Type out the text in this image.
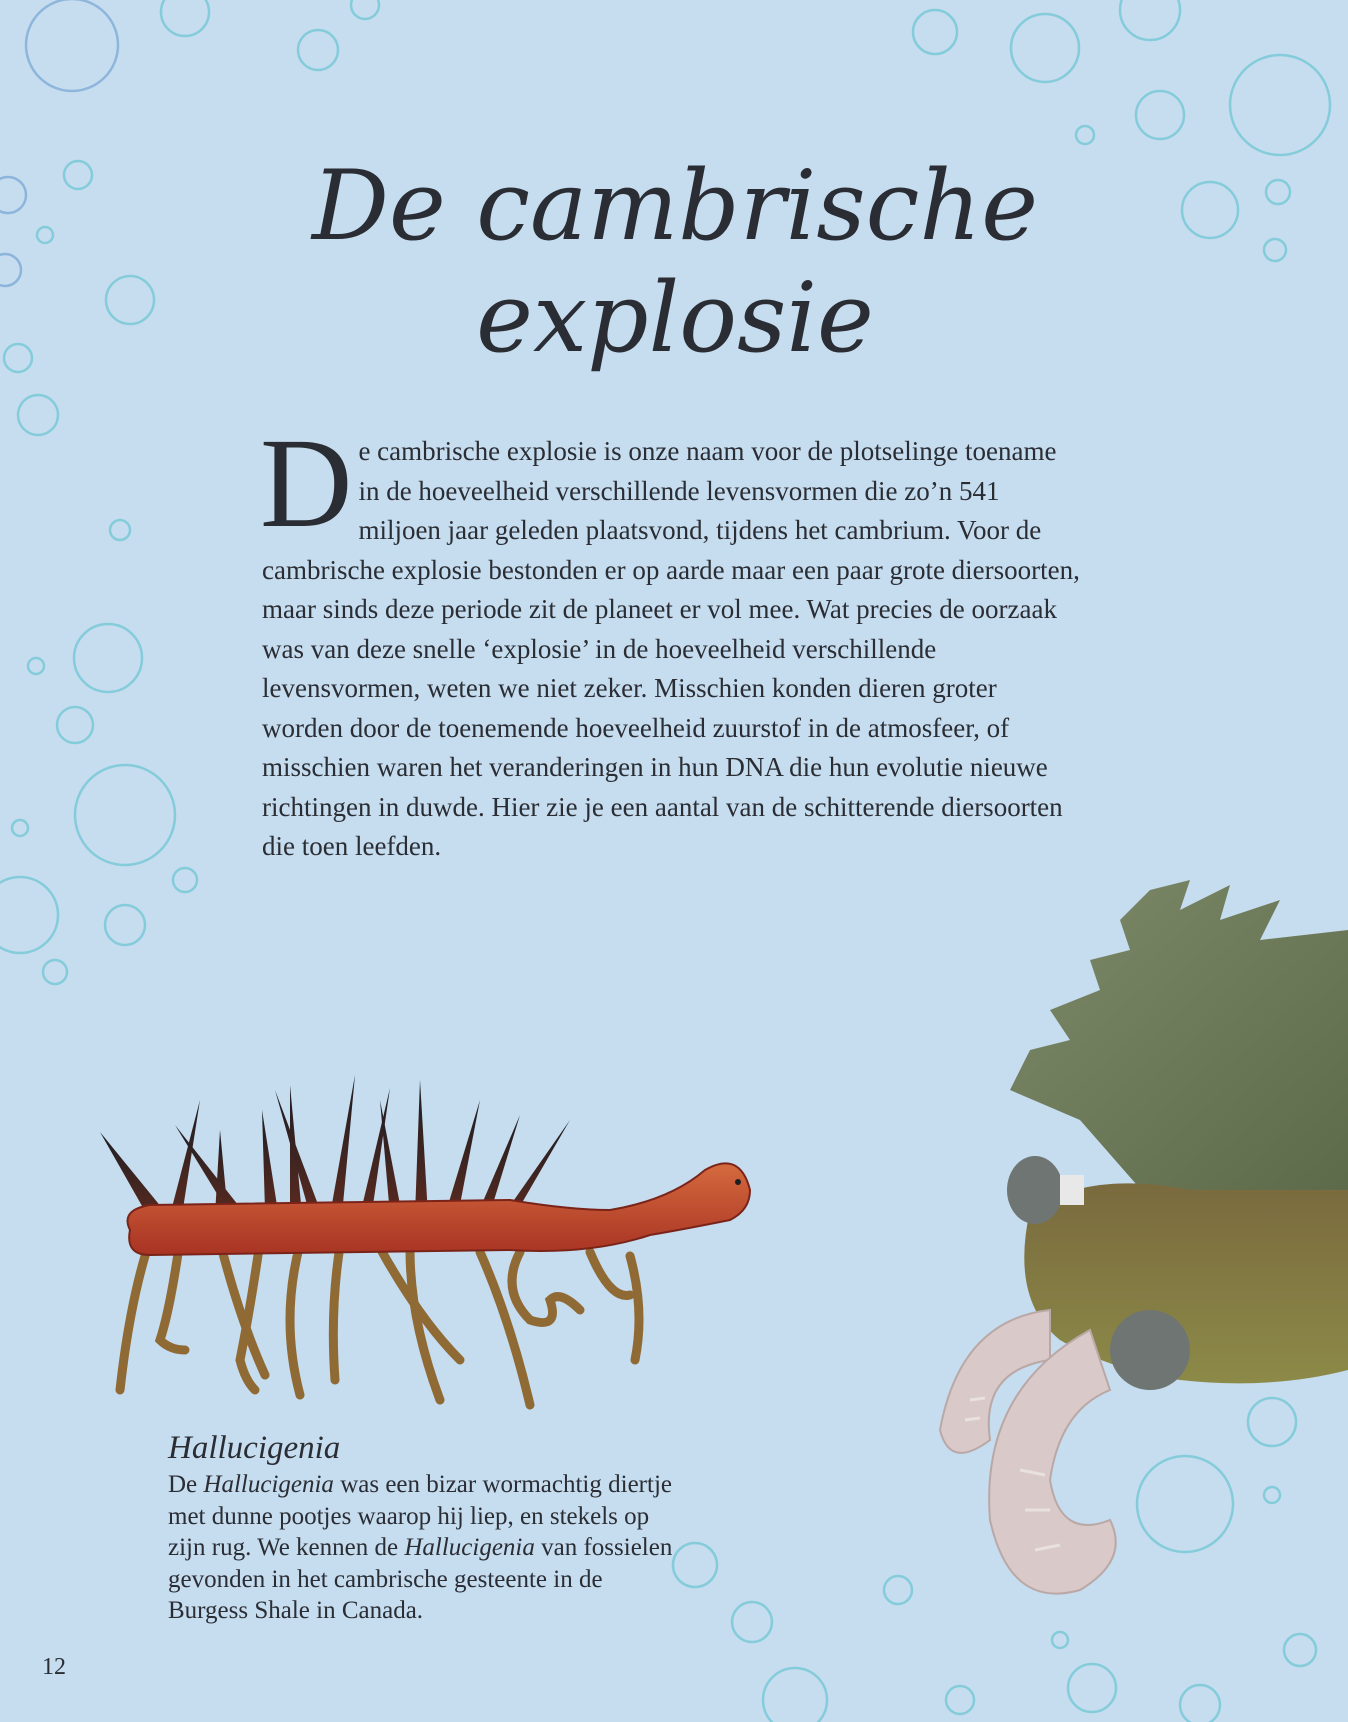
De cambrische
explosie

De cambrische explosie is onze naam voor de plotselinge toename in de hoeveelheid verschillende levensvormen die zo’n 541 miljoen jaar geleden plaatsvond, tijdens het cambrium. Voor de cambrische explosie bestonden er op aarde maar een paar grote diersoorten, maar sinds deze periode zit de planeet er vol mee. Wat precies de oorzaak was van deze snelle ‘explosie’ in de hoeveelheid verschillende levensvormen, weten we niet zeker. Misschien konden dieren groter worden door de toenemende hoeveelheid zuurstof in de atmosfeer, of misschien waren het veranderingen in hun DNA die hun evolutie nieuwe richtingen in duwde. Hier zie je een aantal van de schitterende diersoorten die toen leefden.

Hallucigenia

De Hallucigenia was een bizar wormachtig diertje met dunne pootjes waarop hij liep, en stekels op zijn rug. We kennen de Hallucigenia van fossielen gevonden in het cambrische gesteente in de Burgess Shale in Canada.

12
